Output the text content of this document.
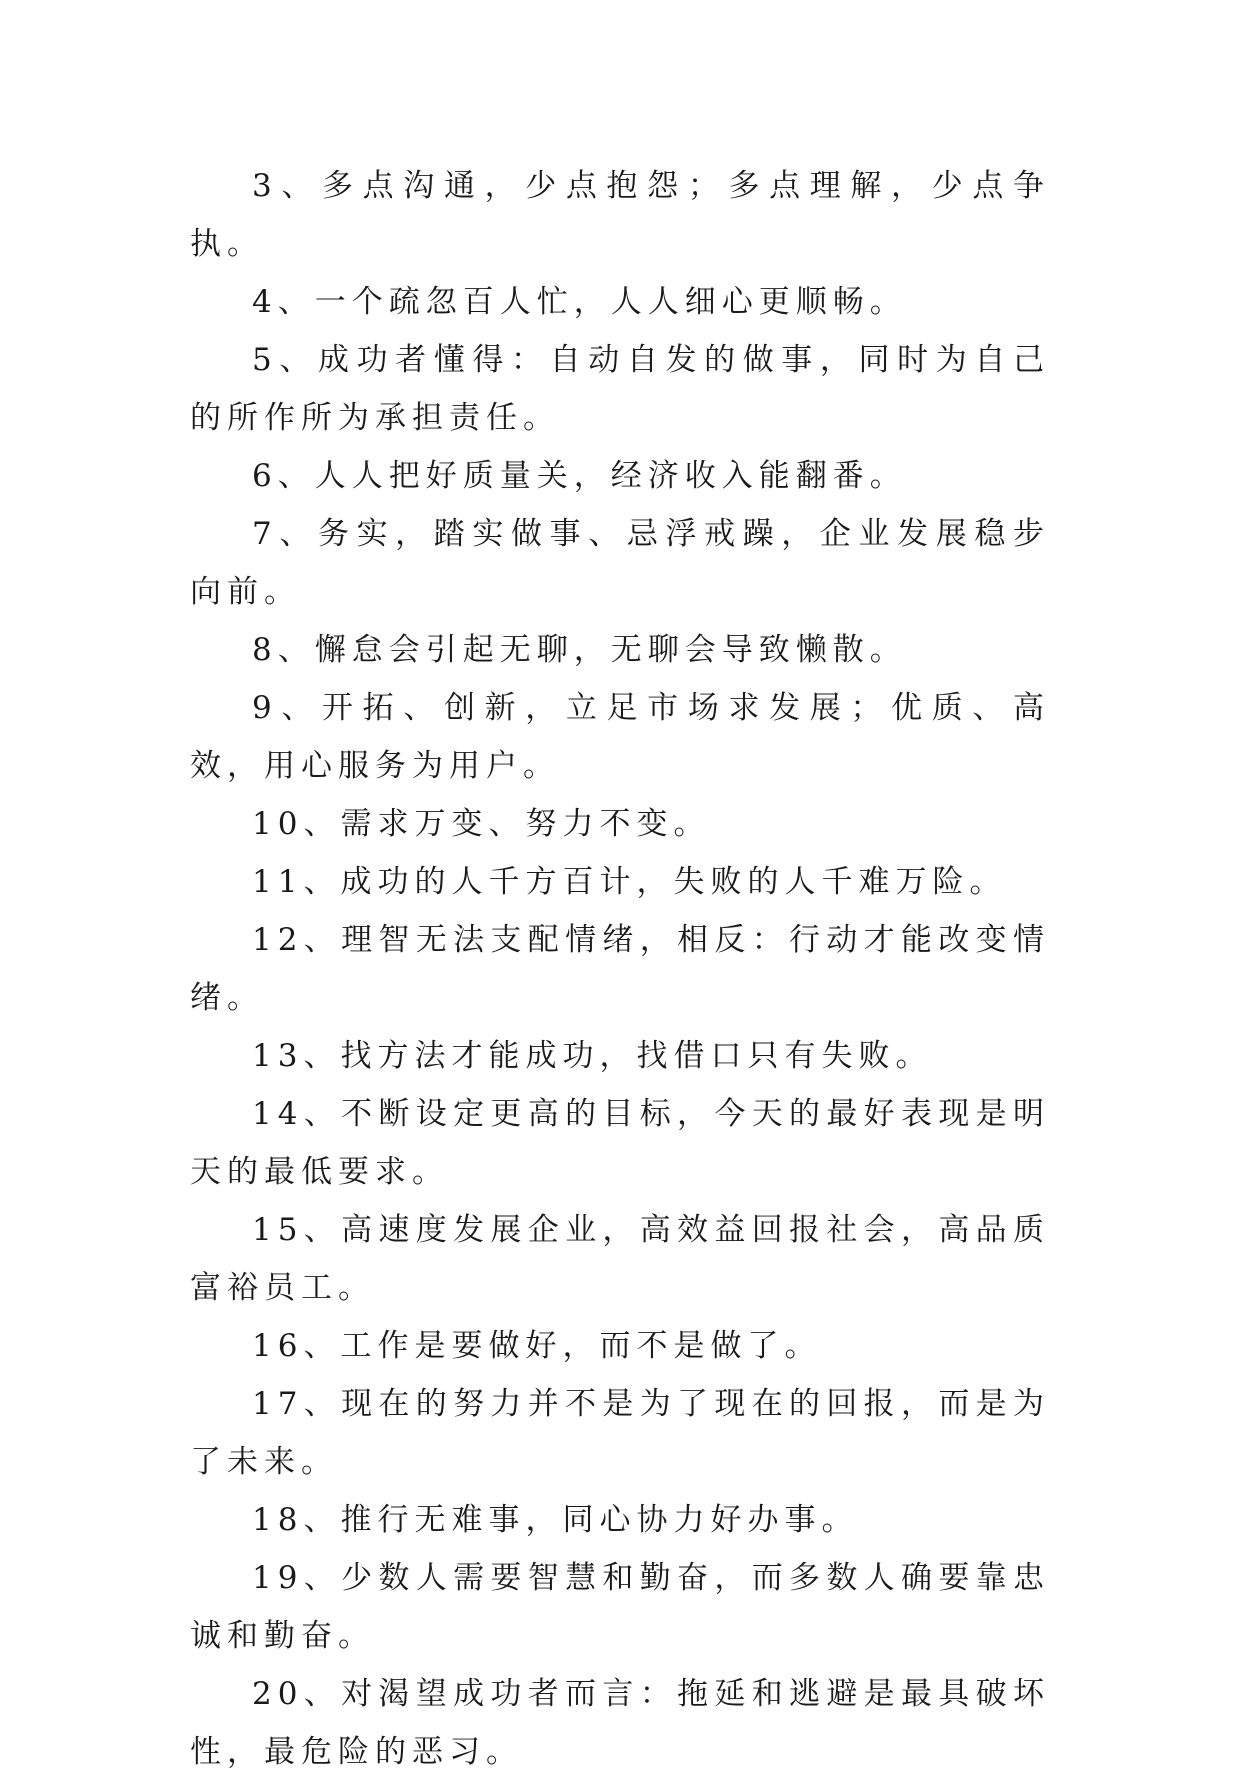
3、多点沟通，少点抱怨；多点理解，少点争执。

4、一个疏忽百人忙，人人细心更顺畅。

5、成功者懂得：自动自发的做事，同时为自己的所作所为承担责任。

6、人人把好质量关，经济收入能翻番。

7、务实，踏实做事、忌浮戒躁，企业发展稳步向前。

8、懈怠会引起无聊，无聊会导致懒散。

9、开拓、创新，立足市场求发展；优质、高效，用心服务为用户。

10、需求万变、努力不变。

11、成功的人千方百计，失败的人千难万险。

12、理智无法支配情绪，相反：行动才能改变情绪。

13、找方法才能成功，找借口只有失败。

14、不断设定更高的目标，今天的最好表现是明天的最低要求。

15、高速度发展企业，高效益回报社会，高品质富裕员工。

16、工作是要做好，而不是做了。

17、现在的努力并不是为了现在的回报，而是为了未来。

18、推行无难事，同心协力好办事。

19、少数人需要智慧和勤奋，而多数人确要靠忠诚和勤奋。

20、对渴望成功者而言：拖延和逃避是最具破坏性，最危险的恶习。
